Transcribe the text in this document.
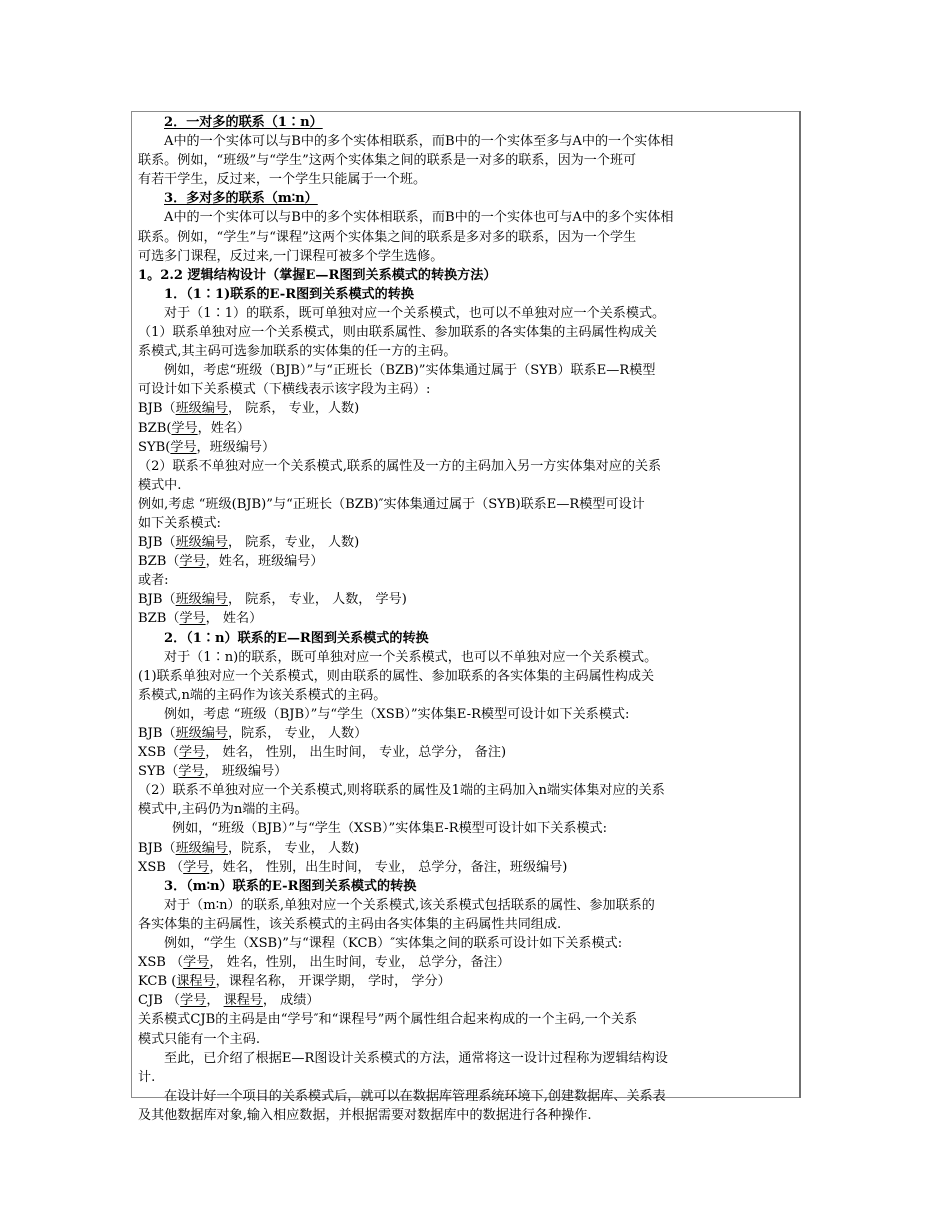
2．一对多的联系（1∶n）
A中的一个实体可以与B中的多个实体相联系，而B中的一个实体至多与A中的一个实体相
联系。例如，“班级”与“学生”这两个实体集之间的联系是一对多的联系，因为一个班可
有若干学生，反过来，一个学生只能属于一个班。
3．多对多的联系（m∶n）
A中的一个实体可以与B中的多个实体相联系，而B中的一个实体也可与A中的多个实体相
联系。例如，“学生”与“课程”这两个实体集之间的联系是多对多的联系，因为一个学生
可选多门课程，反过来,一门课程可被多个学生选修。
1。2.2 逻辑结构设计（掌握E—R图到关系模式的转换方法）
1．（1∶1)联系的E-R图到关系模式的转换
对于（1∶1）的联系，既可单独对应一个关系模式，也可以不单独对应一个关系模式。
（1）联系单独对应一个关系模式，则由联系属性、参加联系的各实体集的主码属性构成关
系模式,其主码可选参加联系的实体集的任一方的主码。
例如，考虑“班级（BJB）”与“正班长（BZB)”实体集通过属于（SYB）联系E—R模型
可设计如下关系模式（下横线表示该字段为主码）:
BJB（班级编号， 院系， 专业，人数)
BZB(学号，姓名）
SYB(学号，班级编号）
（2）联系不单独对应一个关系模式,联系的属性及一方的主码加入另一方实体集对应的关系
模式中.
例如,考虑 “班级(BJB)”与“正班长（BZB)″实体集通过属于（SYB)联系E—R模型可设计
如下关系模式:
BJB（班级编号， 院系，专业， 人数)
BZB（学号，姓名，班级编号）
或者:
BJB（班级编号， 院系， 专业， 人数， 学号)
BZB（学号， 姓名）
2．（1∶n）联系的E—R图到关系模式的转换
对于（1∶n)的联系，既可单独对应一个关系模式，也可以不单独对应一个关系模式。
(1)联系单独对应一个关系模式，则由联系的属性、参加联系的各实体集的主码属性构成关
系模式,n端的主码作为该关系模式的主码。
例如，考虑 “班级（BJB）”与“学生（XSB）”实体集E-R模型可设计如下关系模式:
BJB（班级编号，院系， 专业， 人数）
XSB（学号， 姓名， 性别， 出生时间， 专业，总学分， 备注)
SYB（学号， 班级编号）
（2）联系不单独对应一个关系模式,则将联系的属性及1端的主码加入n端实体集对应的关系
模式中,主码仍为n端的主码。
例如，“班级（BJB）”与“学生（XSB）”实体集E-R模型可设计如下关系模式:
BJB（班级编号，院系， 专业， 人数)
XSB （学号，姓名， 性别，出生时间， 专业， 总学分，备注，班级编号)
3．（m∶n）联系的E-R图到关系模式的转换
对于（m∶n）的联系,单独对应一个关系模式,该关系模式包括联系的属性、参加联系的
各实体集的主码属性，该关系模式的主码由各实体集的主码属性共同组成.
例如，“学生（XSB)”与“课程（KCB）″实体集之间的联系可设计如下关系模式:
XSB （学号， 姓名，性别， 出生时间，专业， 总学分，备注）
KCB (课程号，课程名称， 开课学期， 学时， 学分）
CJB （学号， 课程号， 成绩）
关系模式CJB的主码是由“学号″和“课程号”两个属性组合起来构成的一个主码,一个关系
模式只能有一个主码.
至此，已介绍了根据E—R图设计关系模式的方法，通常将这一设计过程称为逻辑结构设
计.
在设计好一个项目的关系模式后，就可以在数据库管理系统环境下,创建数据库、关系表
及其他数据库对象,输入相应数据，并根据需要对数据库中的数据进行各种操作.
